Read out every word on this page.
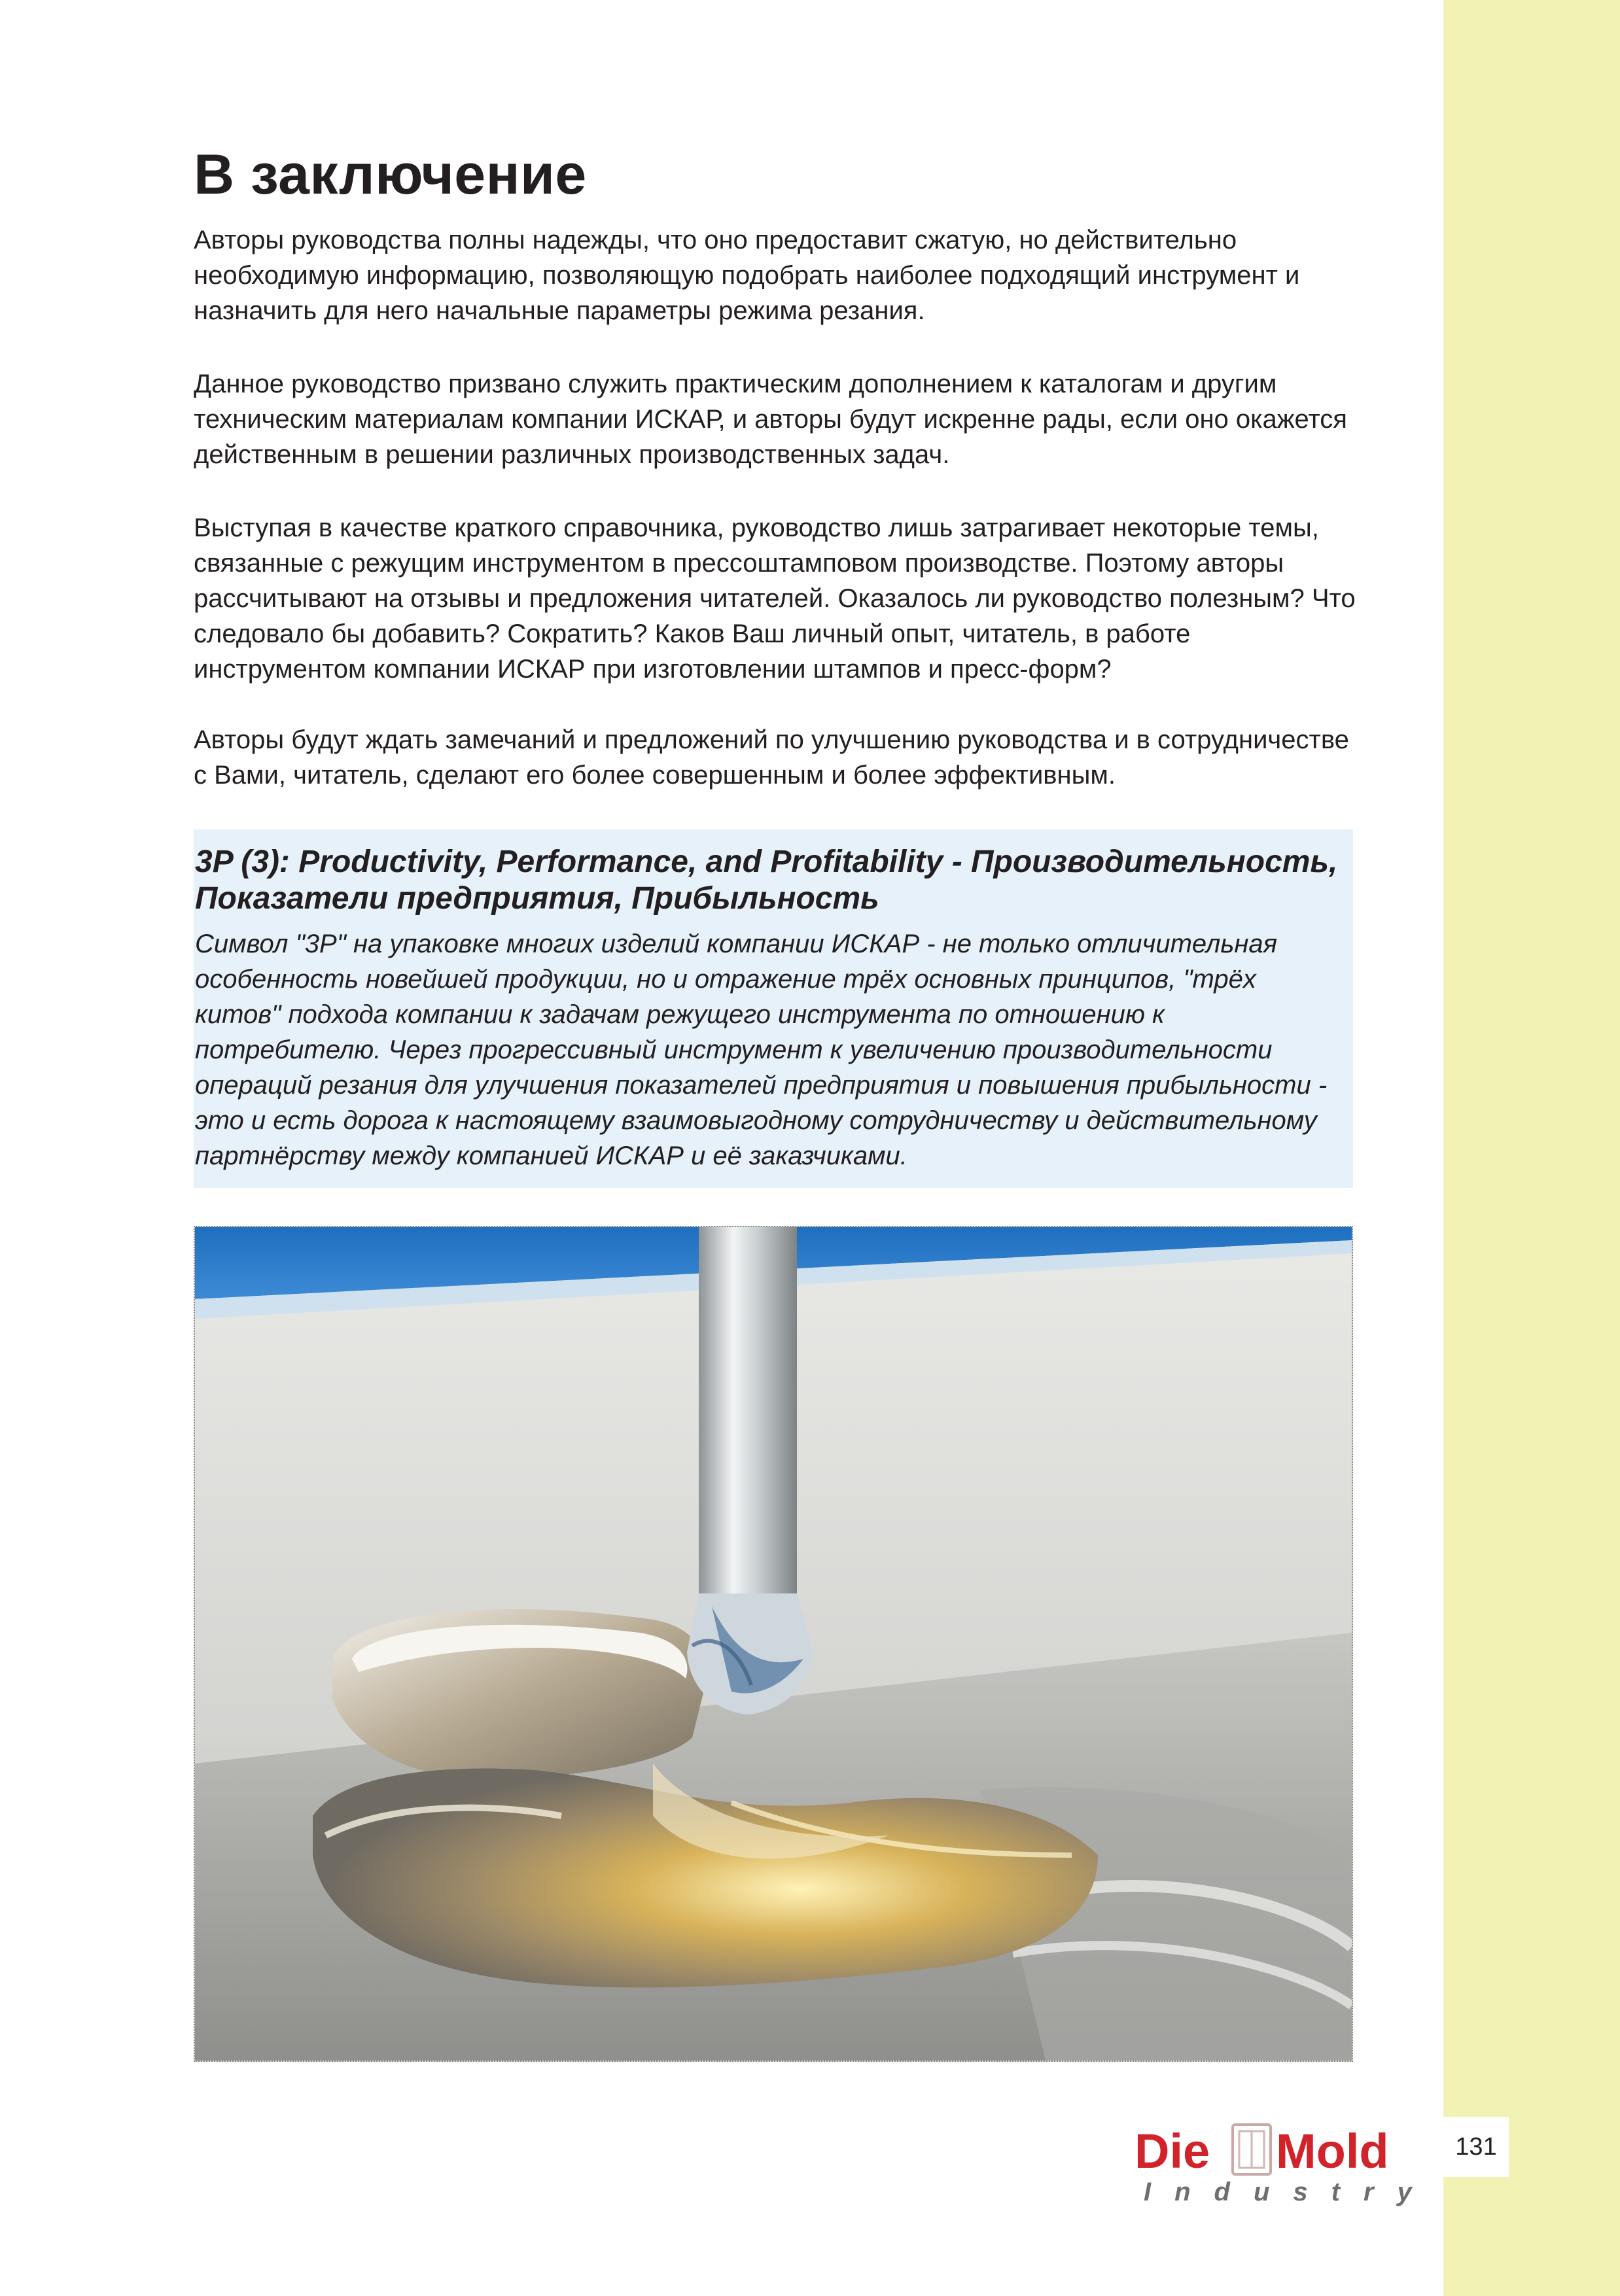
В заключение

Авторы руководства полны надежды, что оно предоставит сжатую, но действительно необходимую информацию, позволяющую подобрать наиболее подходящий инструмент и назначить для него начальные параметры режима резания.

Данное руководство призвано служить практическим дополнением к каталогам и другим техническим материалам компании ИСКАР, и авторы будут искренне рады, если оно окажется действенным в решении различных производственных задач.

Выступая в качестве краткого справочника, руководство лишь затрагивает некоторые темы, связанные с режущим инструментом в прессоштамповом производстве. Поэтому авторы рассчитывают на отзывы и предложения читателей. Оказалось ли руководство полезным? Что следовало бы добавить? Сократить? Каков Ваш личный опыт, читатель, в работе инструментом компании ИСКАР при изготовлении штампов и пресс-форм?

Авторы будут ждать замечаний и предложений по улучшению руководства и в сотрудничестве с Вами, читатель, сделают его более совершенным и более эффективным.

3P (3): Productivity, Performance, and Profitability - Производительность, Показатели предприятия, Прибыльность

Символ "3P" на упаковке многих изделий компании ИСКАР - не только отличительная особенность новейшей продукции, но и отражение трёх основных принципов, "трёх китов" подхода компании к задачам режущего инструмента по отношению к потребителю. Через прогрессивный инструмент к увеличению производительности операций резания для улучшения показателей предприятия и повышения прибыльности - это и есть дорога к настоящему взаимовыгодному сотрудничеству и действительному партнёрству между компанией ИСКАР и её заказчиками.

Die Mold
Industry
131
